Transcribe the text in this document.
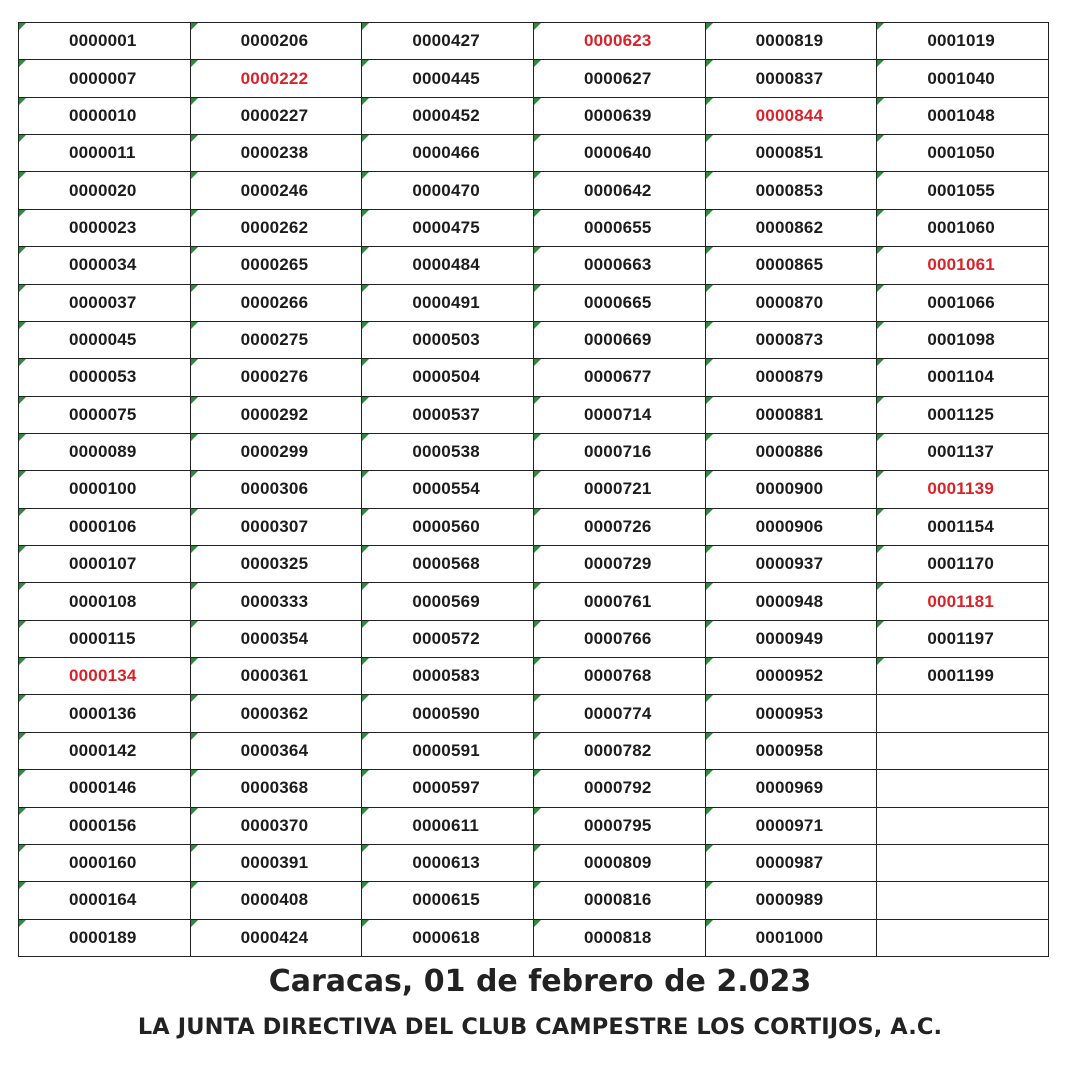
0000001	0000206	0000427	0000623	0000819	0001019
0000007	0000222	0000445	0000627	0000837	0001040
0000010	0000227	0000452	0000639	0000844	0001048
0000011	0000238	0000466	0000640	0000851	0001050
0000020	0000246	0000470	0000642	0000853	0001055
0000023	0000262	0000475	0000655	0000862	0001060
0000034	0000265	0000484	0000663	0000865	0001061
0000037	0000266	0000491	0000665	0000870	0001066
0000045	0000275	0000503	0000669	0000873	0001098
0000053	0000276	0000504	0000677	0000879	0001104
0000075	0000292	0000537	0000714	0000881	0001125
0000089	0000299	0000538	0000716	0000886	0001137
0000100	0000306	0000554	0000721	0000900	0001139
0000106	0000307	0000560	0000726	0000906	0001154
0000107	0000325	0000568	0000729	0000937	0001170
0000108	0000333	0000569	0000761	0000948	0001181
0000115	0000354	0000572	0000766	0000949	0001197
0000134	0000361	0000583	0000768	0000952	0001199
0000136	0000362	0000590	0000774	0000953
0000142	0000364	0000591	0000782	0000958
0000146	0000368	0000597	0000792	0000969
0000156	0000370	0000611	0000795	0000971
0000160	0000391	0000613	0000809	0000987
0000164	0000408	0000615	0000816	0000989
0000189	0000424	0000618	0000818	0001000
Caracas, 01 de febrero de 2.023
LA JUNTA DIRECTIVA DEL CLUB CAMPESTRE LOS CORTIJOS, A.C.
